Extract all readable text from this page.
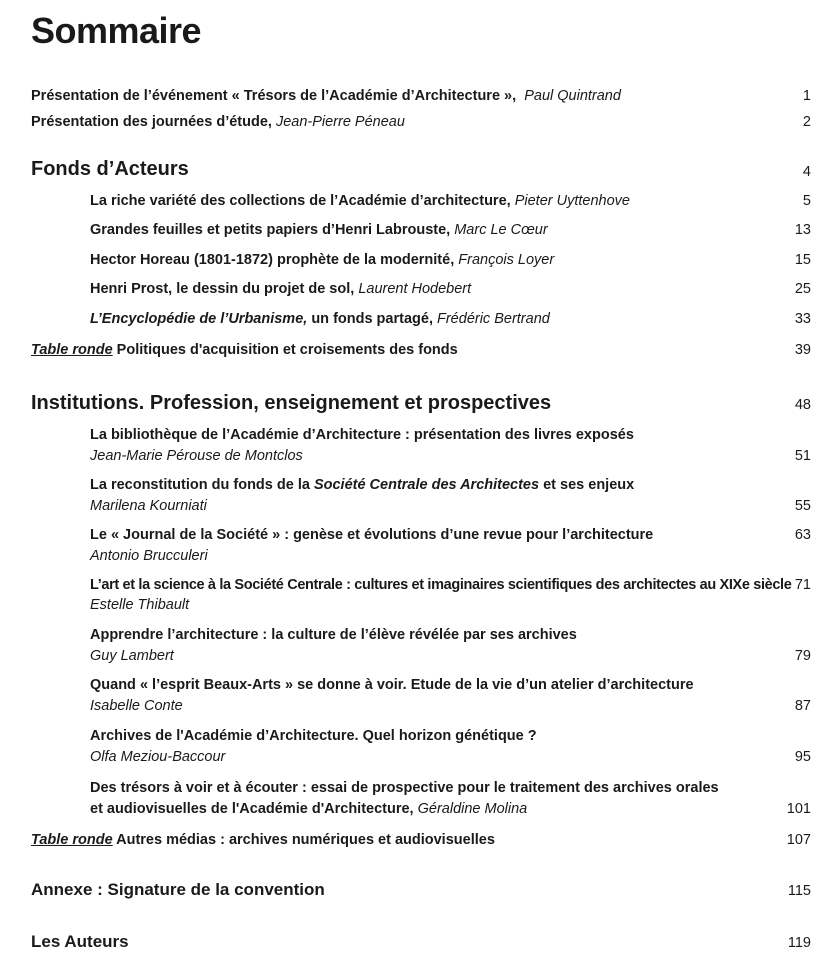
Sommaire
Présentation de l’événement « Trésors de l’Académie d’Architecture », Paul Quintrand	1
Présentation des journées d’étude, Jean-Pierre Péneau	2
Fonds d’Acteurs	4
La riche variété des collections de l’Académie d’architecture, Pieter Uyttenhove	5
Grandes feuilles et petits papiers d’Henri Labrouste, Marc Le Cœur	13
Hector Horeau (1801-1872) prophète de la modernité, François Loyer	15
Henri Prost, le dessin du projet de sol, Laurent Hodebert	25
L’Encyclopédie de l’Urbanisme, un fonds partagé, Frédéric Bertrand	33
Table ronde Politiques d'acquisition et croisements des fonds	39
Institutions. Profession, enseignement et prospectives	48
La bibliothèque de l’Académie d’Architecture : présentation des livres exposés
Jean-Marie Pérouse de Montclos	51
La reconstitution du fonds de la Société Centrale des Architectes et ses enjeux
Marilena Kourniati	55
Le « Journal de la Société » : genèse et évolutions d’une revue pour l’architecture	63
Antonio Brucculeri
L’art et la science à la Société Centrale : cultures et imaginaires scientifiques des architectes au XIXe siècle 71
Estelle Thibault
Apprendre l’architecture : la culture de l’élève révélée par ses archives
Guy Lambert	79
Quand « l’esprit Beaux-Arts » se donne à voir. Etude de la vie d’un atelier d’architecture
Isabelle Conte	87
Archives de l'Académie d’Architecture. Quel horizon génétique ?
Olfa Meziou-Baccour	95
Des trésors à voir et à écouter : essai de prospective pour le traitement des archives orales
et audiovisuelles de l'Académie d'Architecture, Géraldine Molina	101
Table ronde Autres médias : archives numériques et audiovisuelles	107
Annexe : Signature de la convention	115
Les Auteurs	119
